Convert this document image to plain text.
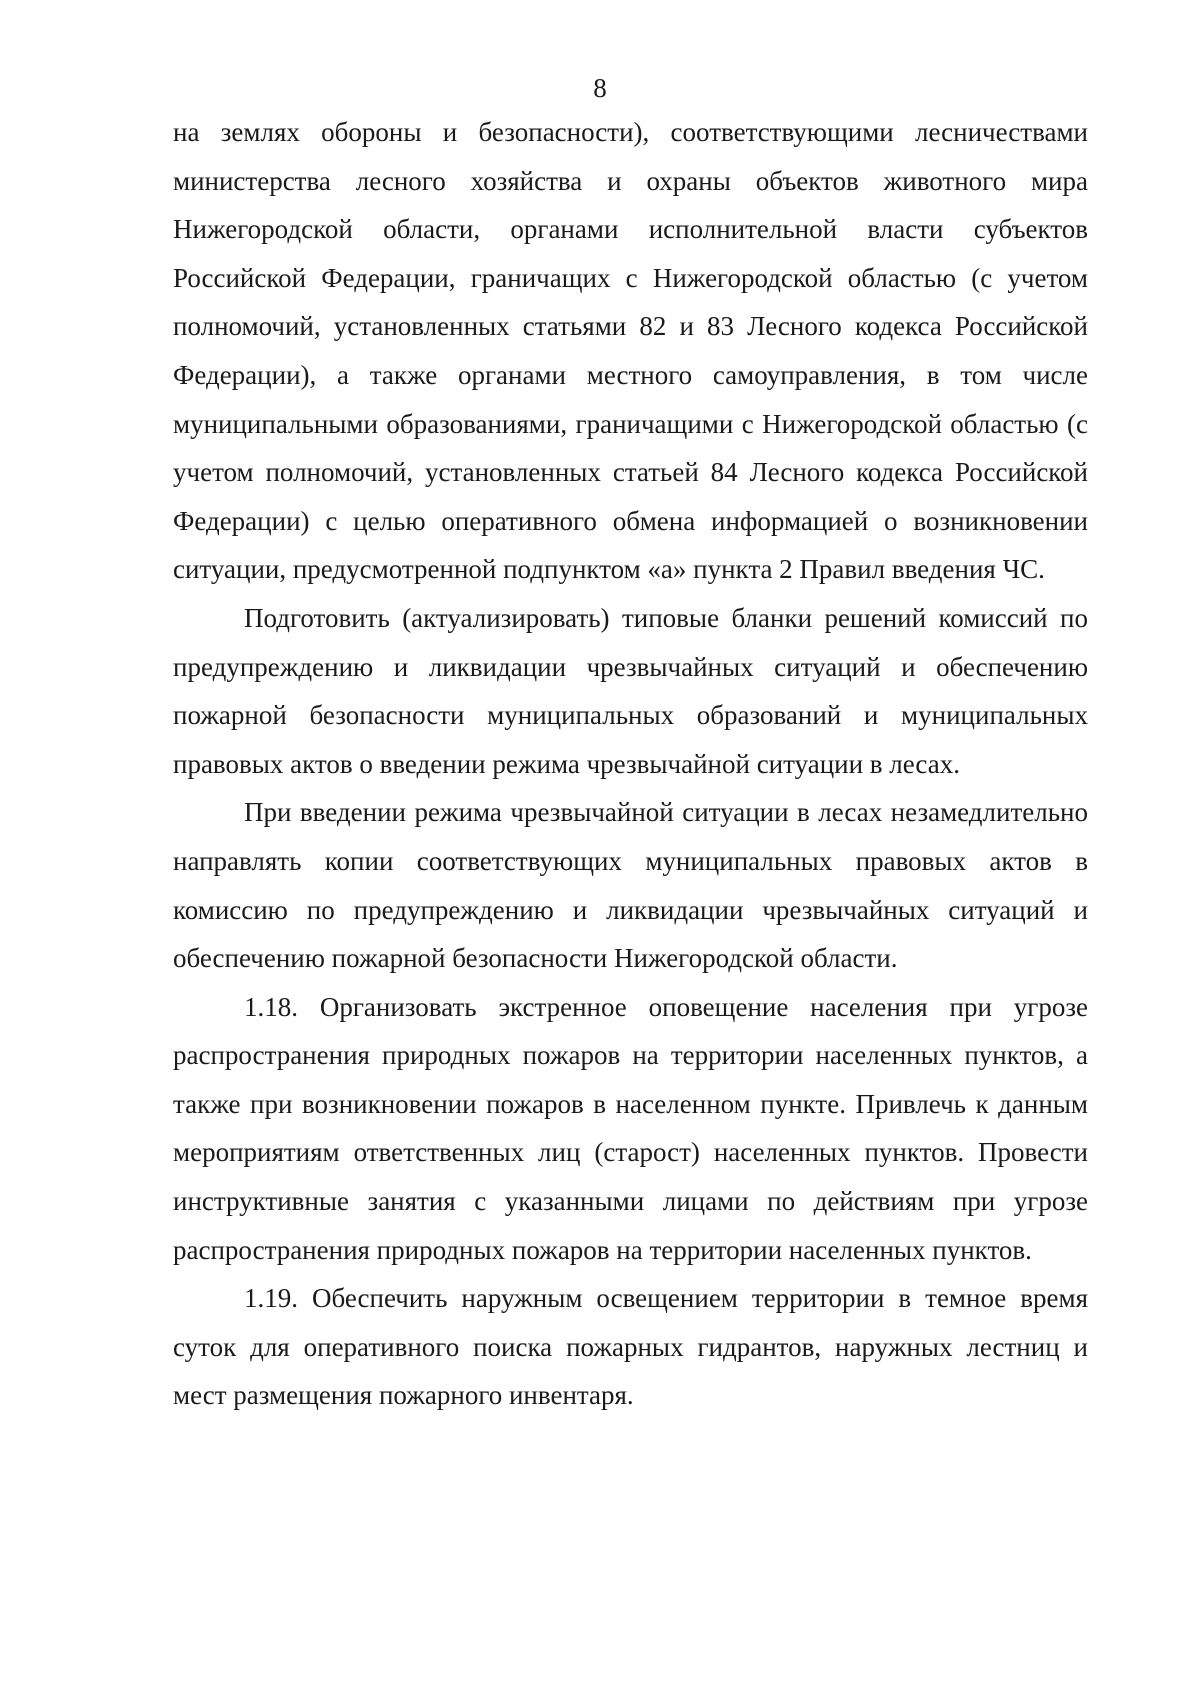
8

на землях обороны и безопасности), соответствующими лесничествами министерства лесного хозяйства и охраны объектов животного мира Нижегородской области, органами исполнительной власти субъектов Российской Федерации, граничащих с Нижегородской областью (с учетом полномочий, установленных статьями 82 и 83 Лесного кодекса Российской Федерации), а также органами местного самоуправления, в том числе муниципальными образованиями, граничащими с Нижегородской областью (с учетом полномочий, установленных статьей 84 Лесного кодекса Российской Федерации) с целью оперативного обмена информацией о возникновении ситуации, предусмотренной подпунктом «а» пункта 2 Правил введения ЧС.

Подготовить (актуализировать) типовые бланки решений комиссий по предупреждению и ликвидации чрезвычайных ситуаций и обеспечению пожарной безопасности муниципальных образований и муниципальных правовых актов о введении режима чрезвычайной ситуации в лесах.

При введении режима чрезвычайной ситуации в лесах незамедлительно направлять копии соответствующих муниципальных правовых актов в комиссию по предупреждению и ликвидации чрезвычайных ситуаций и обеспечению пожарной безопасности Нижегородской области.

1.18. Организовать экстренное оповещение населения при угрозе распространения природных пожаров на территории населенных пунктов, а также при возникновении пожаров в населенном пункте. Привлечь к данным мероприятиям ответственных лиц (старост) населенных пунктов. Провести инструктивные занятия с указанными лицами по действиям при угрозе распространения природных пожаров на территории населенных пунктов.

1.19. Обеспечить наружным освещением территории в темное время суток для оперативного поиска пожарных гидрантов, наружных лестниц и мест размещения пожарного инвентаря.
